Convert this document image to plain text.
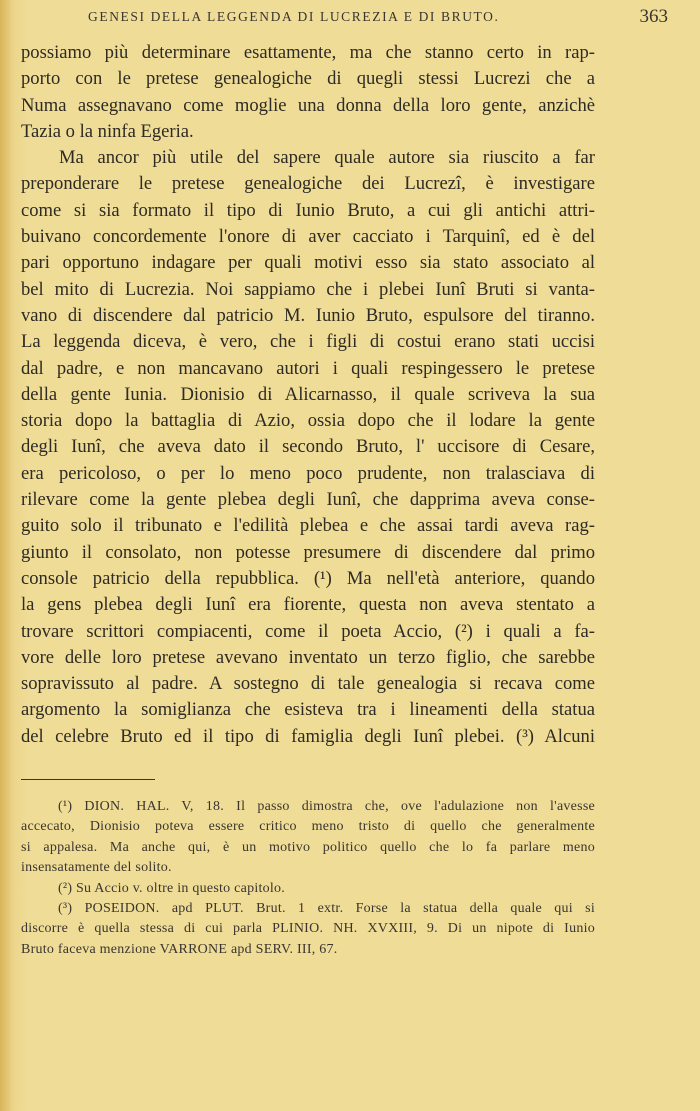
GENESI DELLA LEGGENDA DI LUCREZIA E DI BRUTO.	363
possiamo più determinare esattamente, ma che stanno certo in rap-
porto con le pretese genealogiche di quegli stessi Lucrezi che a
Numa assegnavano come moglie una donna della loro gente, anzichè
Tazia o la ninfa Egeria.
Ma ancor più utile del sapere quale autore sia riuscito a far
preponderare le pretese genealogiche dei Lucrezî, è investigare
come si sia formato il tipo di Iunio Bruto, a cui gli antichi attri-
buivano concordemente l'onore di aver cacciato i Tarquinî, ed è del
pari opportuno indagare per quali motivi esso sia stato associato al
bel mito di Lucrezia. Noi sappiamo che i plebei Iunî Bruti si vanta-
vano di discendere dal patricio M. Iunio Bruto, espulsore del tiranno.
La leggenda diceva, è vero, che i figli di costui erano stati uccisi
dal padre, e non mancavano autori i quali respingessero le pretese
della gente Iunia. Dionisio di Alicarnasso, il quale scriveva la sua
storia dopo la battaglia di Azio, ossia dopo che il lodare la gente
degli Iunî, che aveva dato il secondo Bruto, l' uccisore di Cesare,
era pericoloso, o per lo meno poco prudente, non tralasciava di
rilevare come la gente plebea degli Iunî, che dapprima aveva conse-
guito solo il tribunato e l'edilità plebea e che assai tardi aveva rag-
giunto il consolato, non potesse presumere di discendere dal primo
console patricio della repubblica. (¹) Ma nell'età anteriore, quando
la gens plebea degli Iunî era fiorente, questa non aveva stentato a
trovare scrittori compiacenti, come il poeta Accio, (²) i quali a fa-
vore delle loro pretese avevano inventato un terzo figlio, che sarebbe
sopravissuto al padre. A sostegno di tale genealogia si recava come
argomento la somiglianza che esisteva tra i lineamenti della statua
del celebre Bruto ed il tipo di famiglia degli Iunî plebei. (³) Alcuni
(¹) DION. HAL. V, 18. Il passo dimostra che, ove l'adulazione non l'avesse
accecato, Dionisio poteva essere critico meno tristo di quello che generalmente
si appalesa. Ma anche qui, è un motivo politico quello che lo fa parlare meno
insensatamente del solito.
(²) Su Accio v. oltre in questo capitolo.
(³) POSEIDON. apd PLUT. Brut. 1 extr. Forse la statua della quale qui si
discorre è quella stessa di cui parla PLINIO. NH. XVXIII, 9. Di un nipote di Iunio
Bruto faceva menzione VARRONE apd SERV. III, 67.
